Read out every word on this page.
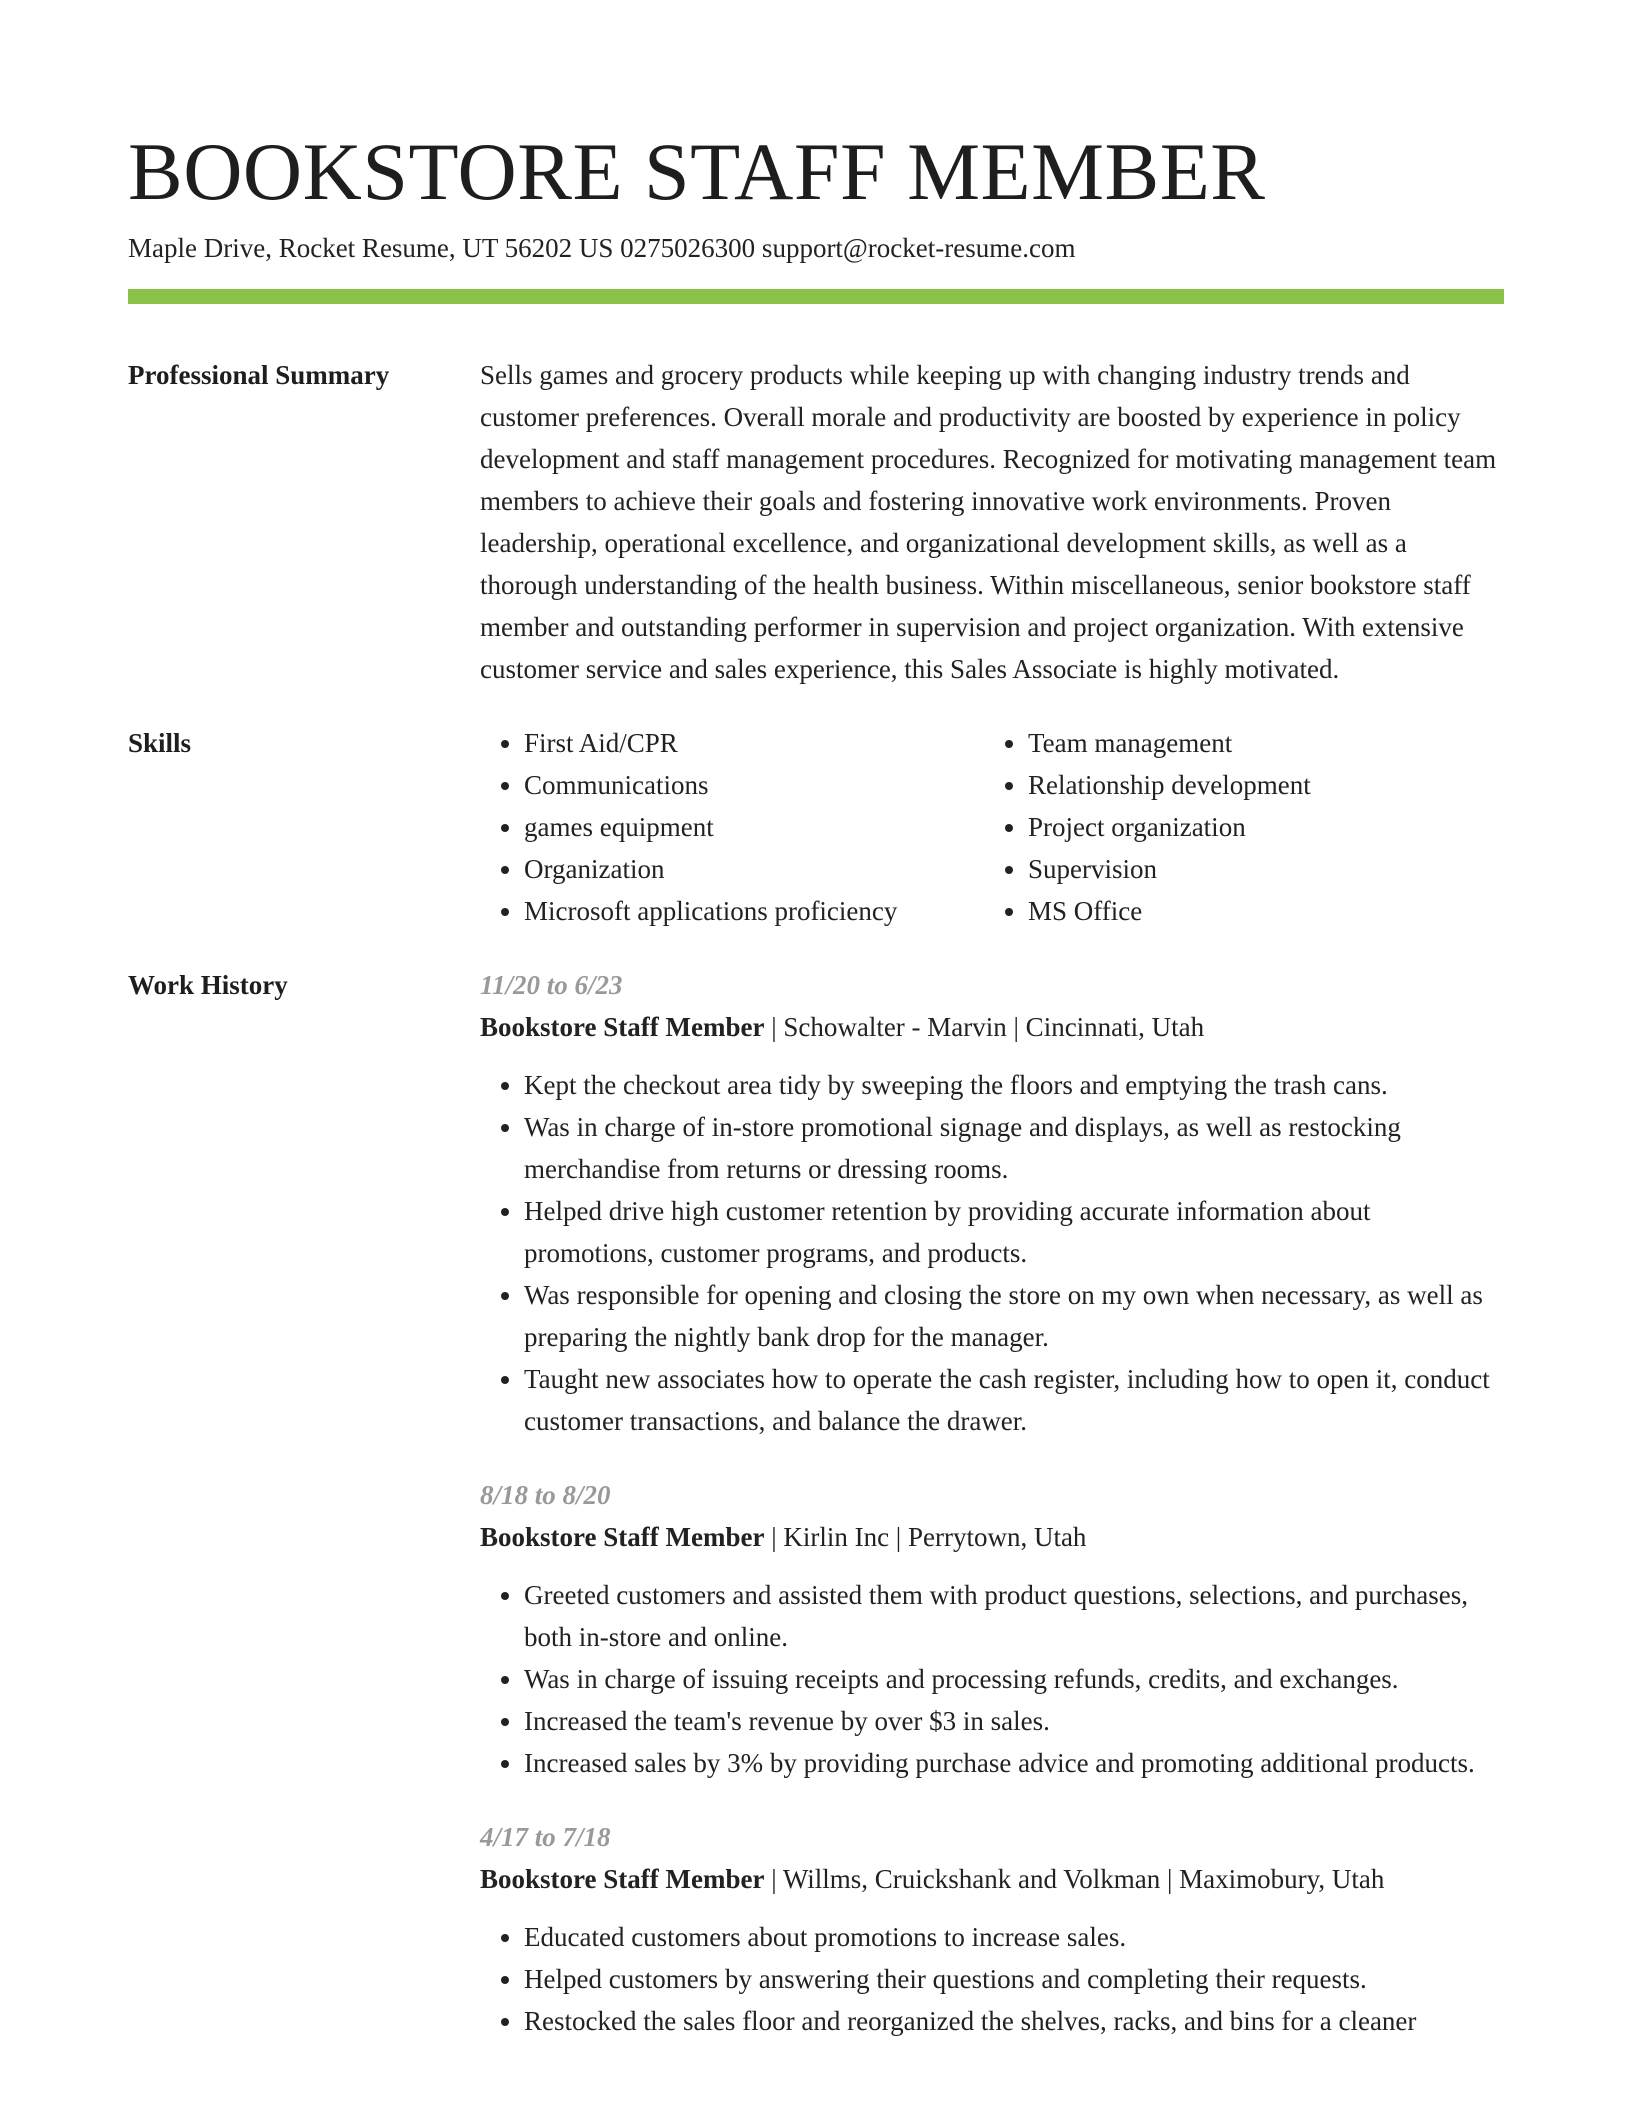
BOOKSTORE STAFF MEMBER
Maple Drive, Rocket Resume, UT 56202 US 0275026300 support@rocket-resume.com
Professional Summary	Sells games and grocery products while keeping up with changing industry trends and customer preferences. Overall morale and productivity are boosted by experience in policy development and staff management procedures. Recognized for motivating management team members to achieve their goals and fostering innovative work environments. Proven leadership, operational excellence, and organizational development skills, as well as a thorough understanding of the health business. Within miscellaneous, senior bookstore staff member and outstanding performer in supervision and project organization. With extensive customer service and sales experience, this Sales Associate is highly motivated.

Skills
•	First Aid/CPR
• Communications
• games equipment
• Organization
• Microsoft applications proficiency
• Team management
• Relationship development
• Project organization
• Supervision
• MS Office
Work History	11/20 to 6/23
Bookstore Staff Member | Schowalter - Marvin | Cincinnati, Utah
• Kept the checkout area tidy by sweeping the floors and emptying the trash cans.
• Was in charge of in-store promotional signage and displays, as well as restocking merchandise from returns or dressing rooms.
• Helped drive high customer retention by providing accurate information about promotions, customer programs, and products.
• Was responsible for opening and closing the store on my own when necessary, as well as preparing the nightly bank drop for the manager.
• Taught new associates how to operate the cash register, including how to open it, conduct customer transactions, and balance the drawer.
8/18 to 8/20
Bookstore Staff Member | Kirlin Inc | Perrytown, Utah
• Greeted customers and assisted them with product questions, selections, and purchases, both in-store and online.
• Was in charge of issuing receipts and processing refunds, credits, and exchanges.
• Increased the team's revenue by over $3 in sales.
• Increased sales by 3% by providing purchase advice and promoting additional products.
4/17 to 7/18
Bookstore Staff Member | Willms, Cruickshank and Volkman | Maximobury, Utah
• Educated customers about promotions to increase sales.
• Helped customers by answering their questions and completing their requests.
• Restocked the sales floor and reorganized the shelves, racks, and bins for a cleaner
